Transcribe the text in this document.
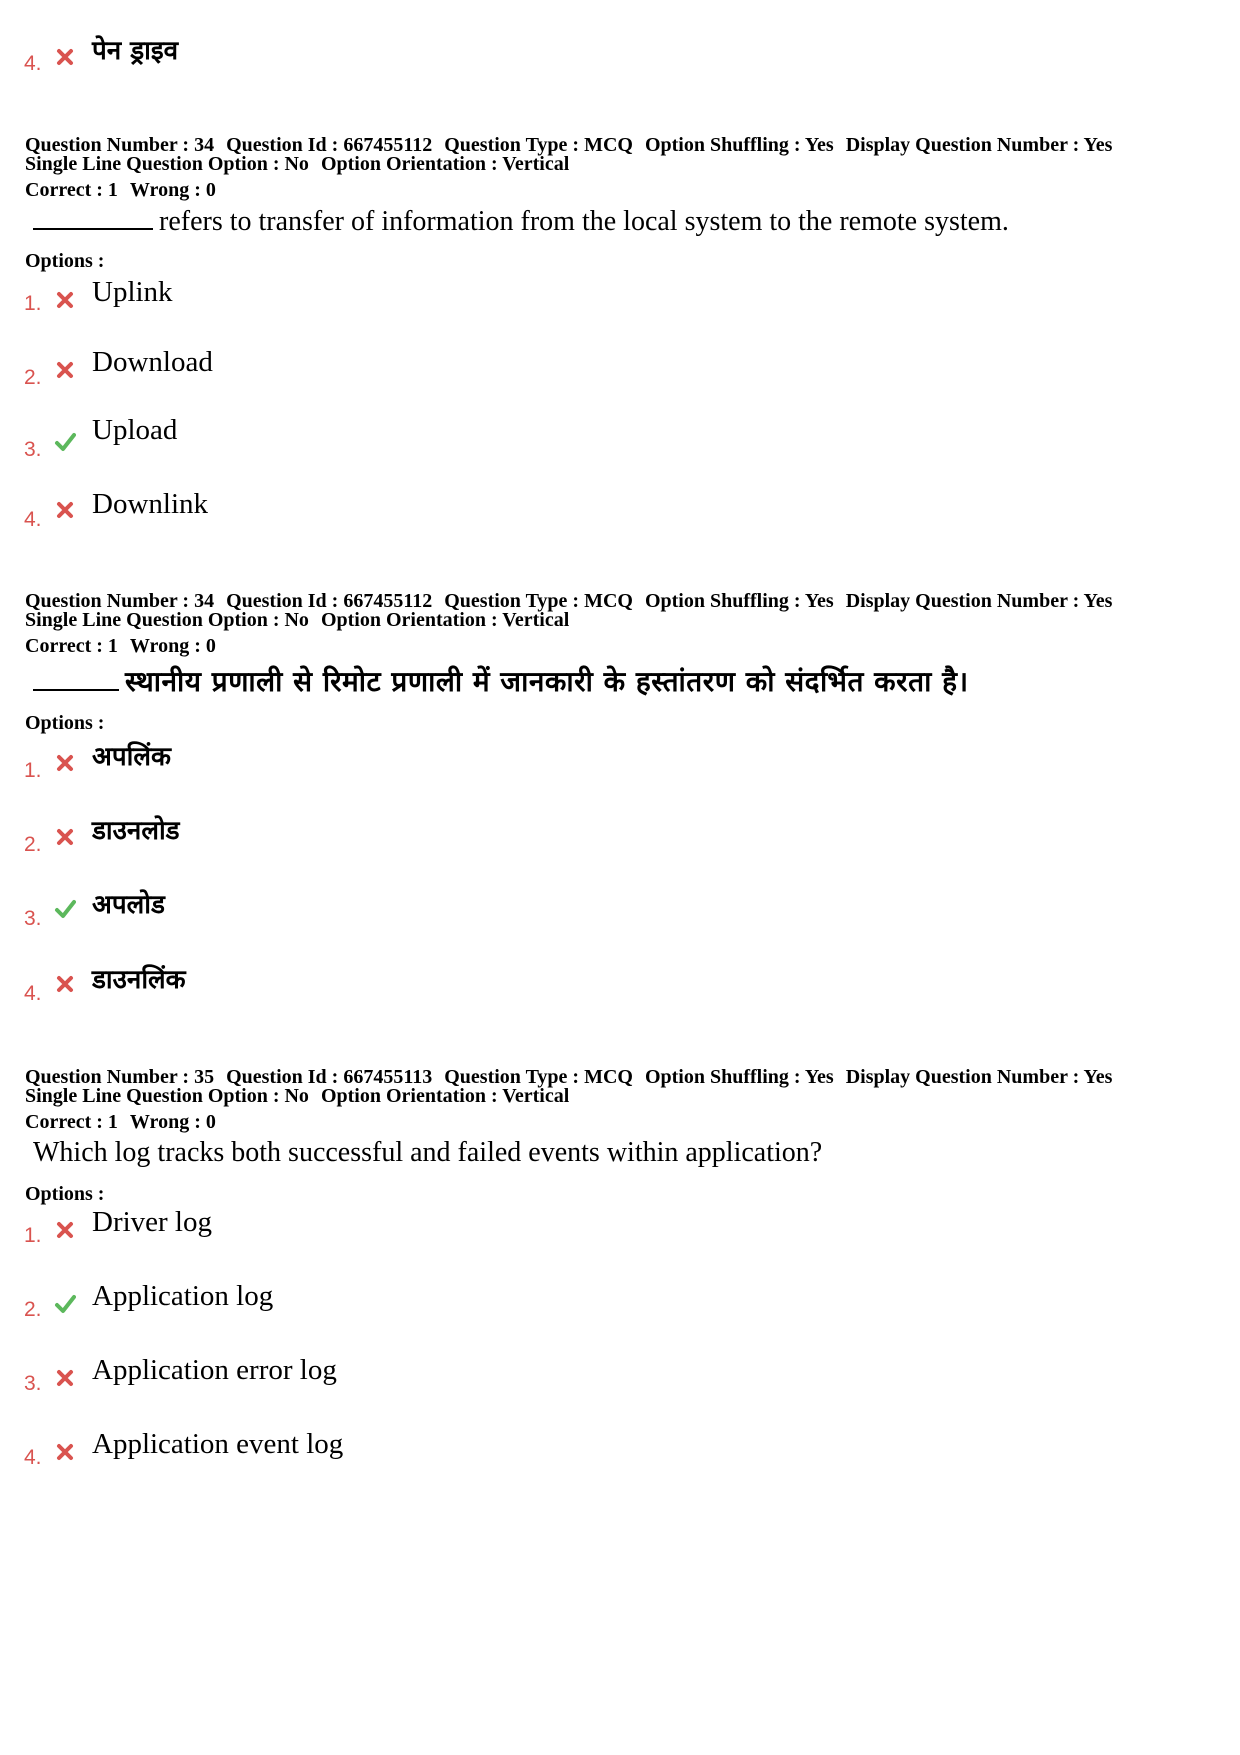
4. पेन ड्राइव
Question Number : 34 Question Id : 667455112 Question Type : MCQ Option Shuffling : Yes Display Question Number : Yes
Single Line Question Option : No Option Orientation : Vertical
Correct : 1 Wrong : 0
refers to transfer of information from the local system to the remote system.
Options :
1. Uplink
2. Download
3.
Upload
4. Downlink
Question Number : 34 Question Id : 667455112 Question Type : MCQ Option Shuffling : Yes Display Question Number : Yes
Single Line Question Option : No Option Orientation : Vertical
Correct : 1 Wrong : 0
स्थानीय प्रणाली से रिमोट प्रणाली में जानकारी के हस्तांतरण को संदर्भित करता है।
Options :
1. अपलिंक
2. डाउनलोड
3. अपलोड
4. डाउनलिंक
Question Number : 35 Question Id : 667455113 Question Type : MCQ Option Shuffling : Yes Display Question Number : Yes
Single Line Question Option : No Option Orientation : Vertical
Correct : 1 Wrong : 0
Which log tracks both successful and failed events within application?
Options :
1. Driver log
2. Application log
3. Application error log
4. Application event log
